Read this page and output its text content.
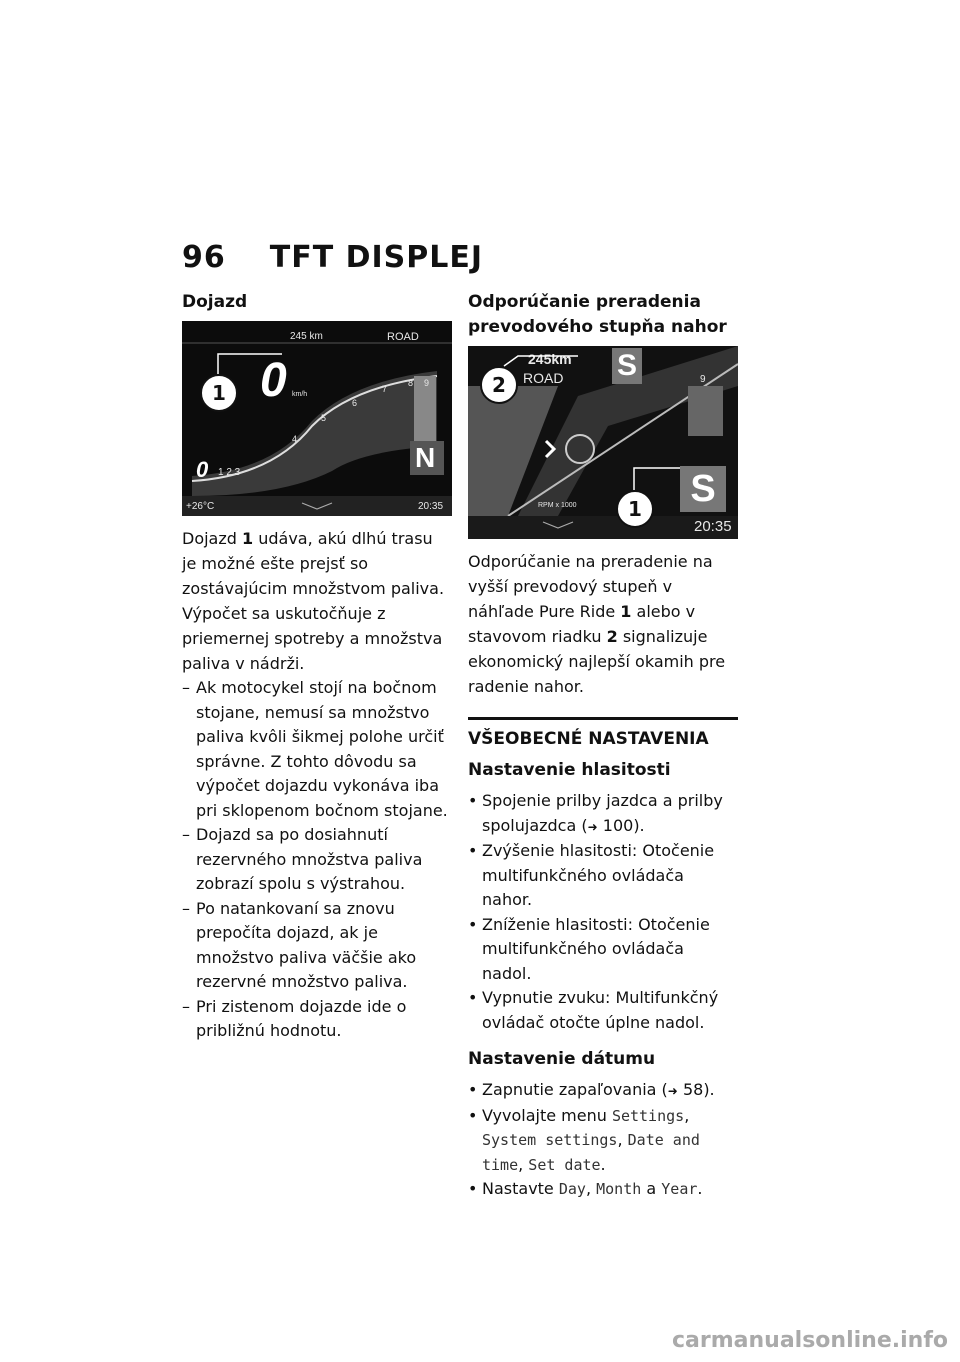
96 TFT DISPLEJ
Dojazd
245 km	ROAD
0 km/h
4
5
6
7
8 9
0 1 2 3	N
+26°C	20:35
1

Dojazd 1 udáva, akú dlhú trasu je možné ešte prejsť so zostávajúcim množstvom paliva. Výpočet sa uskutočňuje z priemernej spotreby a množstva paliva v nádrži.

– Ak motocykel stojí na bočnom stojane, nemusí sa množstvo paliva kvôli šikmej polohe určiť správne. Z tohto dôvodu sa výpočet dojazdu vykonáva iba pri sklopenom bočnom stojane.
– Dojazd sa po dosiahnutí rezervného množstva paliva zobrazí spolu s výstrahou.
– Po natankovaní sa znovu prepočíta dojazd, ak je množstvo paliva väčšie ako rezervné množstvo paliva.
– Pri zistenom dojazde ide o približnú hodnotu.
Odporúčanie preradenia prevodového stupňa nahor
245km
ROAD S
S
9
RPM x 1000
20:35
2
1

Odporúčanie na preradenie na vyšší prevodový stupeň v náhľade Pure Ride 1 alebo v stavovom riadku 2 signalizuje ekonomický najlepší okamih pre radenie nahor.

VŠEOBECNÉ NASTAVENIA
Nastavenie hlasitosti
• Spojenie prilby jazdca a prilby spolujazdca (➜ 100).
• Zvýšenie hlasitosti: Otočenie multifunkčného ovládača nahor.
• Zníženie hlasitosti: Otočenie multifunkčného ovládača nadol.
• Vypnutie zvuku: Multifunkčný ovládač otočte úplne nadol.
Nastavenie dátumu
• Zapnutie zapaľovania (➜ 58).
• Vyvolajte menu Settings, System settings, Date and time, Set date.
• Nastavte Day, Month a Year.
carmanualsonline.info
